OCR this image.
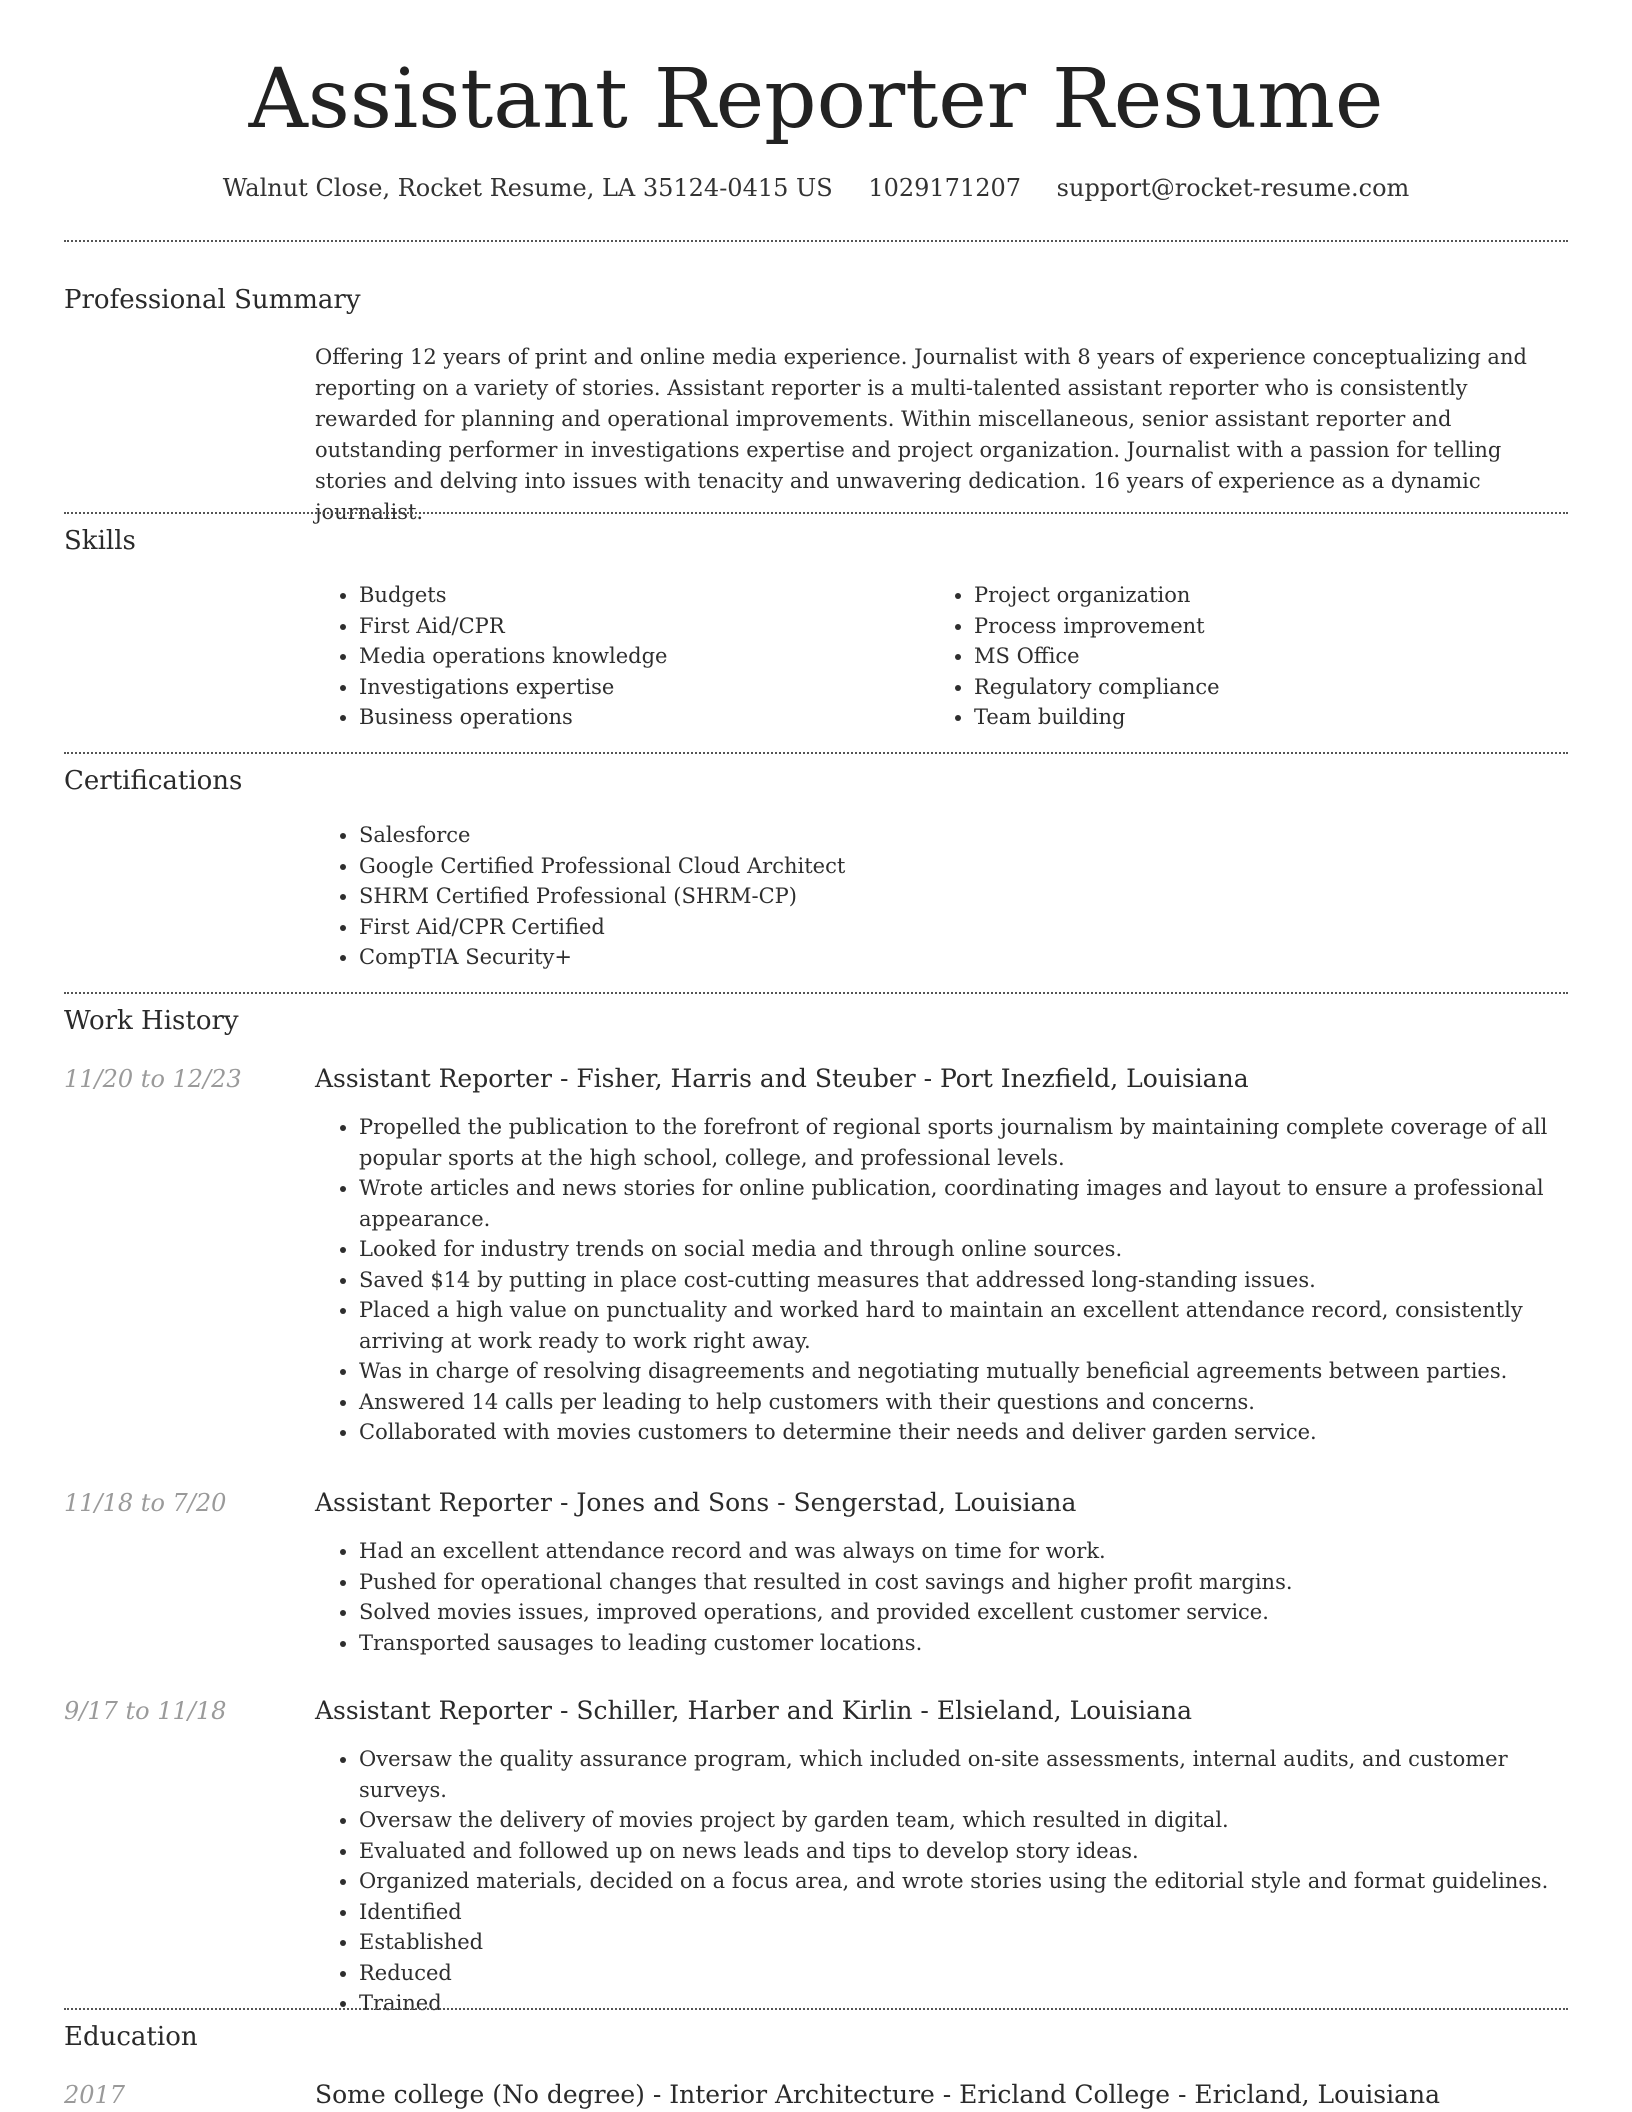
Assistant Reporter Resume
Walnut Close, Rocket Resume, LA 35124-0415 US 1029171207 support@rocket-resume.com
Professional Summary

Offering 12 years of print and online media experience. Journalist with 8 years of experience conceptualizing and reporting on a variety of stories. Assistant reporter is a multi-talented assistant reporter who is consistently rewarded for planning and operational improvements. Within miscellaneous, senior assistant reporter and outstanding performer in investigations expertise and project organization. Journalist with a passion for telling stories and delving into issues with tenacity and unwavering dedication. 16 years of experience as a dynamic journalist.

Skills
• Budgets
• First Aid/CPR
• Media operations knowledge
• Investigations expertise
• Business operations
• Project organization
• Process improvement
• MS Office
• Regulatory compliance
• Team building
Certifications
• Salesforce
• Google Certified Professional Cloud Architect
• SHRM Certified Professional (SHRM-CP)
• First Aid/CPR Certified
• CompTIA Security+
Work History
11/20 to 12/23	Assistant Reporter - Fisher, Harris and Steuber - Port Inezfield, Louisiana
• Propelled the publication to the forefront of regional sports journalism by maintaining complete coverage of all popular sports at the high school, college, and professional levels.
• Wrote articles and news stories for online publication, coordinating images and layout to ensure a professional appearance.
• Looked for industry trends on social media and through online sources.
• Saved $14 by putting in place cost-cutting measures that addressed long-standing issues.
• Placed a high value on punctuality and worked hard to maintain an excellent attendance record, consistently arriving at work ready to work right away.
• Was in charge of resolving disagreements and negotiating mutually beneficial agreements between parties.
• Answered 14 calls per leading to help customers with their questions and concerns.
• Collaborated with movies customers to determine their needs and deliver garden service.
11/18 to 7/20	Assistant Reporter - Jones and Sons - Sengerstad, Louisiana
• Had an excellent attendance record and was always on time for work.
• Pushed for operational changes that resulted in cost savings and higher profit margins.
• Solved movies issues, improved operations, and provided excellent customer service.
• Transported sausages to leading customer locations.
9/17 to 11/18	Assistant Reporter - Schiller, Harber and Kirlin - Elsieland, Louisiana
• Oversaw the quality assurance program, which included on-site assessments, internal audits, and customer surveys.
• Oversaw the delivery of movies project by garden team, which resulted in digital.
• Evaluated and followed up on news leads and tips to develop story ideas.
• Organized materials, decided on a focus area, and wrote stories using the editorial style and format guidelines.
• Identified
• Established
• Reduced
• Trained
Education
2017	Some college (No degree) - Interior Architecture - Ericland College - Ericland, Louisiana
